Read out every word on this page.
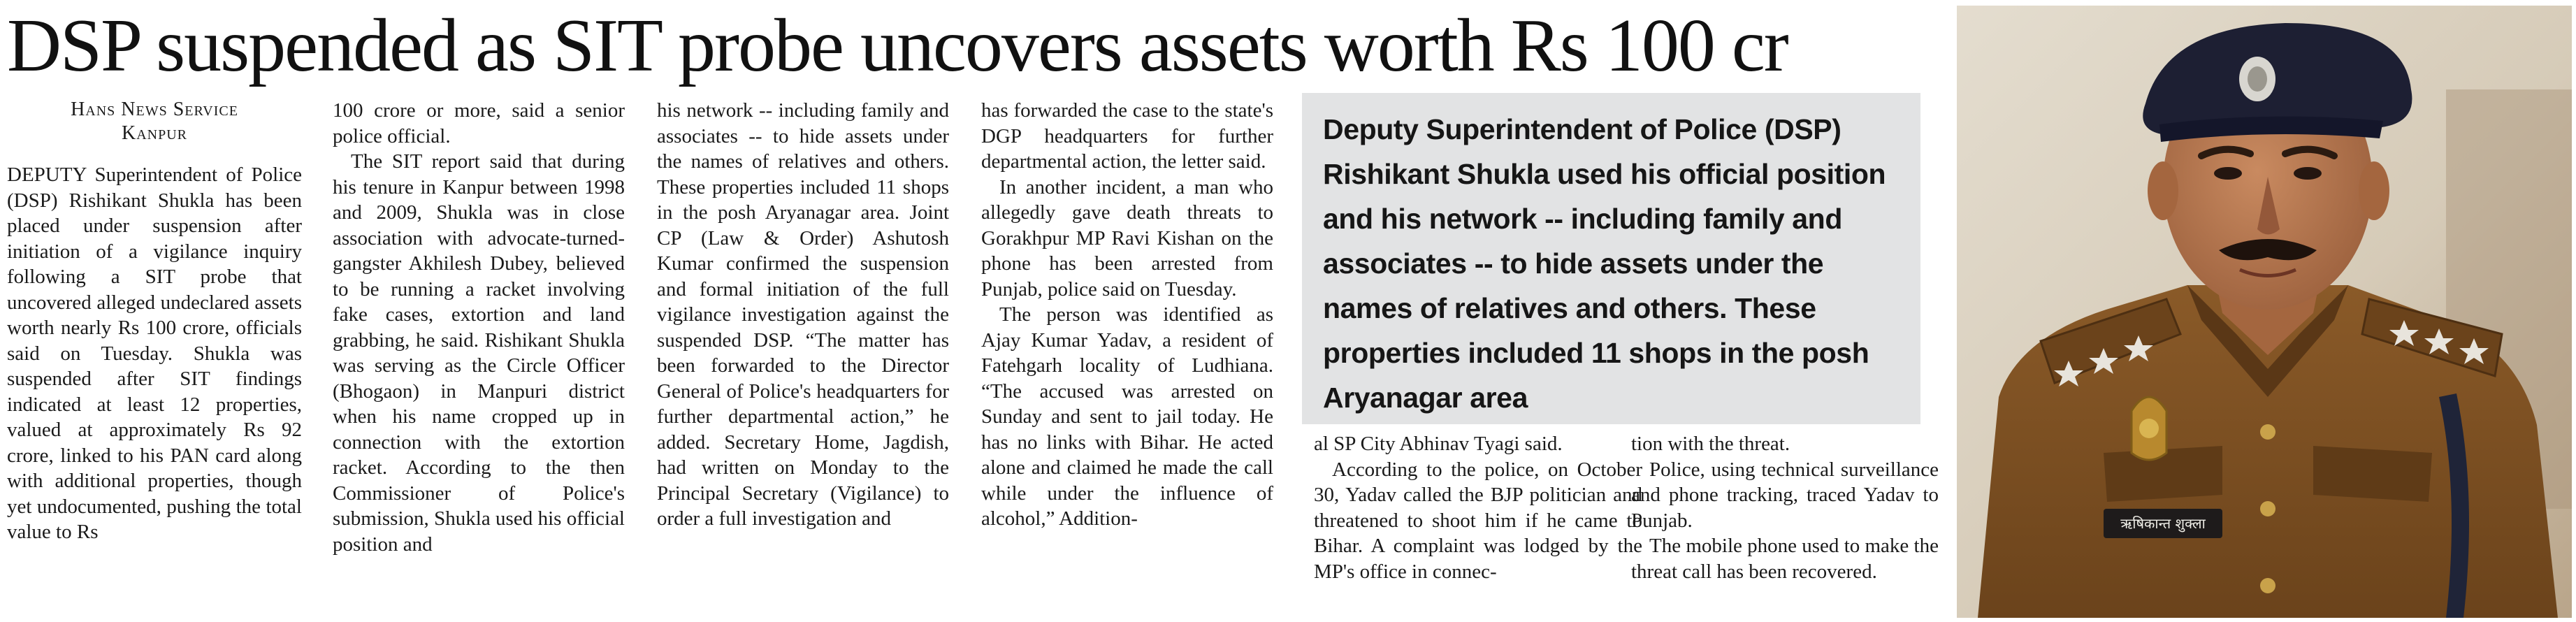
DSP suspended as SIT probe uncovers assets worth Rs 100 cr
Hans News Service
Kanpur

DEPUTY Superintendent of Police (DSP) Rishikant Shukla has been placed under suspension after initiation of a vigilance inquiry following a SIT probe that uncovered alleged undeclared assets worth nearly Rs 100 crore, officials said on Tuesday. Shukla was suspended after SIT findings indicated at least 12 properties, valued at approximately Rs 92 crore, linked to his PAN card along with additional properties, though yet undocumented, pushing the total value to Rs

100 crore or more, said a senior police official.

The SIT report said that during his tenure in Kanpur between 1998 and 2009, Shukla was in close association with advocate-turned-gangster Akhilesh Dubey, believed to be running a racket involving fake cases, extortion and land grabbing, he said. Rishikant Shukla was serving as the Circle Officer (Bhogaon) in Manpuri district when his name cropped up in connection with the extortion racket. According to the then Commissioner of Police's submission, Shukla used his official position and

his network -- including family and associates -- to hide assets under the names of relatives and others. These properties included 11 shops in the posh Aryanagar area. Joint CP (Law & Order) Ashutosh Kumar confirmed the suspension and formal initiation of the full vigilance investigation against the suspended DSP. “The matter has been forwarded to the Director General of Police's headquarters for further departmental action,” he added. Secretary Home, Jagdish, had written on Monday to the Principal Secretary (Vigilance) to order a full investigation and

has forwarded the case to the state's DGP headquarters for further departmental action, the letter said.

In another incident, a man who allegedly gave death threats to Gorakhpur MP Ravi Kishan on the phone has been arrested from Punjab, police said on Tuesday.

The person was identified as Ajay Kumar Yadav, a resident of Fatehgarh locality of Ludhiana. “The accused was arrested on Sunday and sent to jail today. He has no links with Bihar. He acted alone and claimed he made the call while under the influence of alcohol,” Addition-

Deputy Superintendent of Police (DSP) Rishikant Shukla used his official position and his network -- including family and associates -- to hide assets under the names of relatives and others. These properties included 11 shops in the posh Aryanagar area

al SP City Abhinav Tyagi said.

According to the police, on October 30, Yadav called the BJP politician and threatened to shoot him if he came to Bihar. A complaint was lodged by the MP's office in connec-

tion with the threat.

Police, using technical surveillance and phone tracking, traced Yadav to Punjab.

The mobile phone used to make the threat call has been recovered.

ऋषिकान्त शुक्ला
